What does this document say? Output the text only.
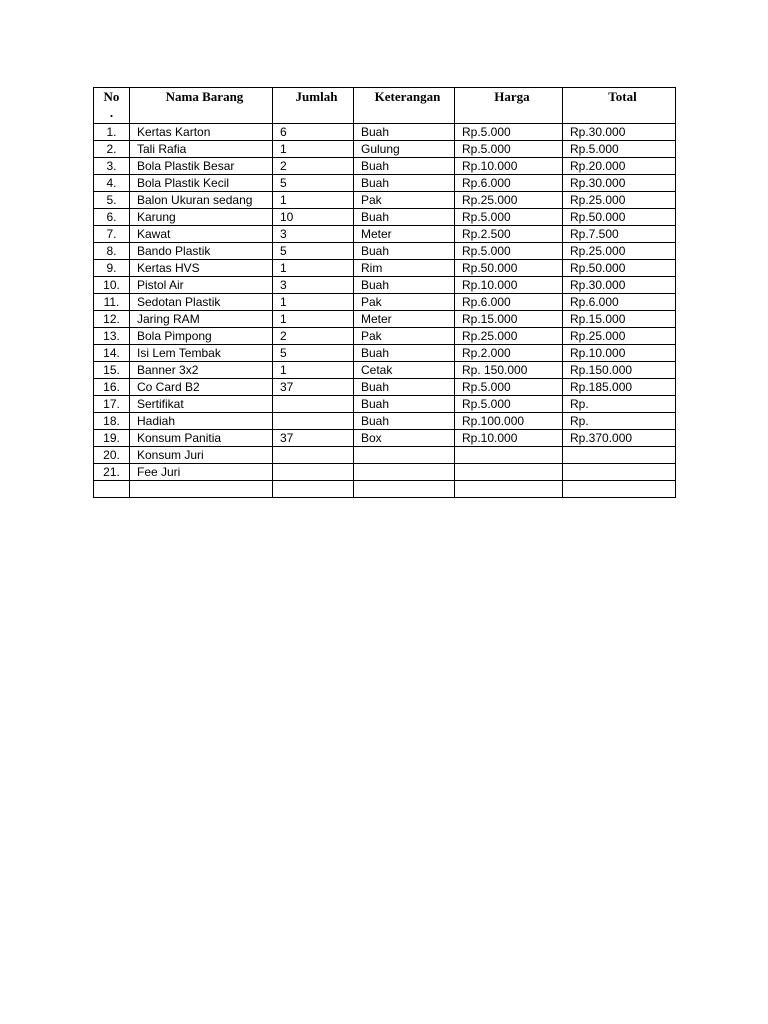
No
.	Nama Barang	Jumlah	Keterangan	Harga	Total
1.	Kertas Karton	6	Buah	Rp.5.000	Rp.30.000
2.	Tali Rafia	1	Gulung	Rp.5.000	Rp.5.000
3.	Bola Plastik Besar	2	Buah	Rp.10.000	Rp.20.000
4.	Bola Plastik Kecil	5	Buah	Rp.6.000	Rp.30.000
5.	Balon Ukuran sedang	1	Pak	Rp.25.000	Rp.25.000
6.	Karung	10	Buah	Rp.5.000	Rp.50.000
7.	Kawat	3	Meter	Rp.2.500	Rp.7.500
8.	Bando Plastik	5	Buah	Rp.5.000	Rp.25.000
9.	Kertas HVS	1	Rim	Rp.50.000	Rp.50.000
10.	Pistol Air	3	Buah	Rp.10.000	Rp.30.000
11.	Sedotan Plastik	1	Pak	Rp.6.000	Rp.6.000
12.	Jaring RAM	1	Meter	Rp.15.000	Rp.15.000
13.	Bola Pimpong	2	Pak	Rp.25.000	Rp.25.000
14.	Isi Lem Tembak	5	Buah	Rp.2.000	Rp.10.000
15.	Banner 3x2	1	Cetak	Rp. 150.000	Rp.150.000
16.	Co Card B2	37	Buah	Rp.5.000	Rp.185.000
17.	Sertifikat		Buah	Rp.5.000	Rp.
18.	Hadiah		Buah	Rp.100.000	Rp.
19.	Konsum Panitia	37	Box	Rp.10.000	Rp.370.000
20.	Konsum Juri				
21.	Fee Juri				
